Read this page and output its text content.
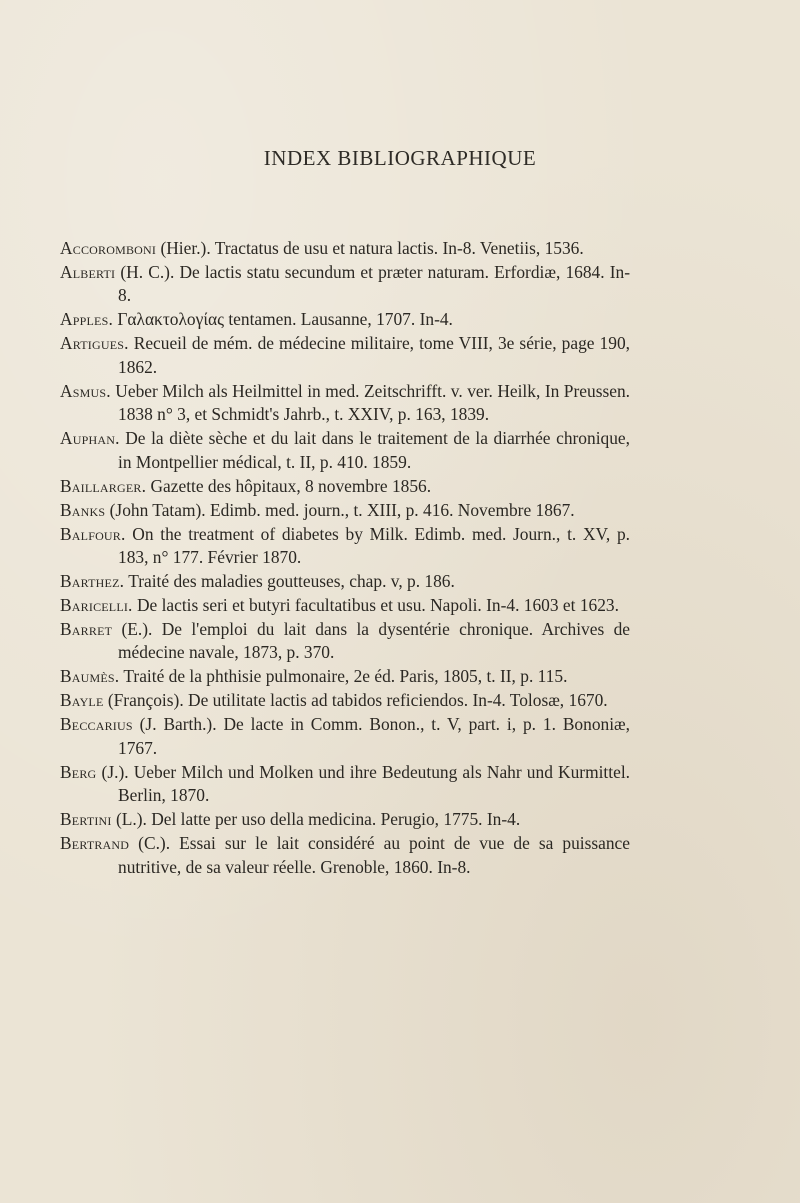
INDEX BIBLIOGRAPHIQUE

Accoromboni (Hier.). Tractatus de usu et natura lactis. In-8. Venetiis, 1536.

Alberti (H. C.). De lactis statu secundum et præter naturam. Erfordiæ, 1684. In-8.

Apples. Γαλακτολογίας tentamen. Lausanne, 1707. In-4.

Artigues. Recueil de mém. de médecine militaire, tome VIII, 3e série, page 190, 1862.

Asmus. Ueber Milch als Heilmittel in med. Zeitschrifft. v. ver. Heilk, In Preussen. 1838 n° 3, et Schmidt's Jahrb., t. XXIV, p. 163, 1839.

Auphan. De la diète sèche et du lait dans le traitement de la diarrhée chronique, in Montpellier médical, t. II, p. 410. 1859.

Baillarger. Gazette des hôpitaux, 8 novembre 1856.

Banks (John Tatam). Edimb. med. journ., t. XIII, p. 416. Novembre 1867.

Balfour. On the treatment of diabetes by Milk. Edimb. med. Journ., t. XV, p. 183, n° 177. Février 1870.

Barthez. Traité des maladies goutteuses, chap. v, p. 186.

Baricelli. De lactis seri et butyri facultatibus et usu. Napoli. In-4. 1603 et 1623.

Barret (E.). De l'emploi du lait dans la dysentérie chronique. Archives de médecine navale, 1873, p. 370.

Baumès. Traité de la phthisie pulmonaire, 2e éd. Paris, 1805, t. II, p. 115.

Bayle (François). De utilitate lactis ad tabidos reficiendos. In-4. Tolosæ, 1670.

Beccarius (J. Barth.). De lacte in Comm. Bonon., t. V, part. i, p. 1. Bononiæ, 1767.

Berg (J.). Ueber Milch und Molken und ihre Bedeutung als Nahr und Kurmittel. Berlin, 1870.

Bertini (L.). Del latte per uso della medicina. Perugio, 1775. In-4.

Bertrand (C.). Essai sur le lait considéré au point de vue de sa puissance nutritive, de sa valeur réelle. Grenoble, 1860. In-8.
